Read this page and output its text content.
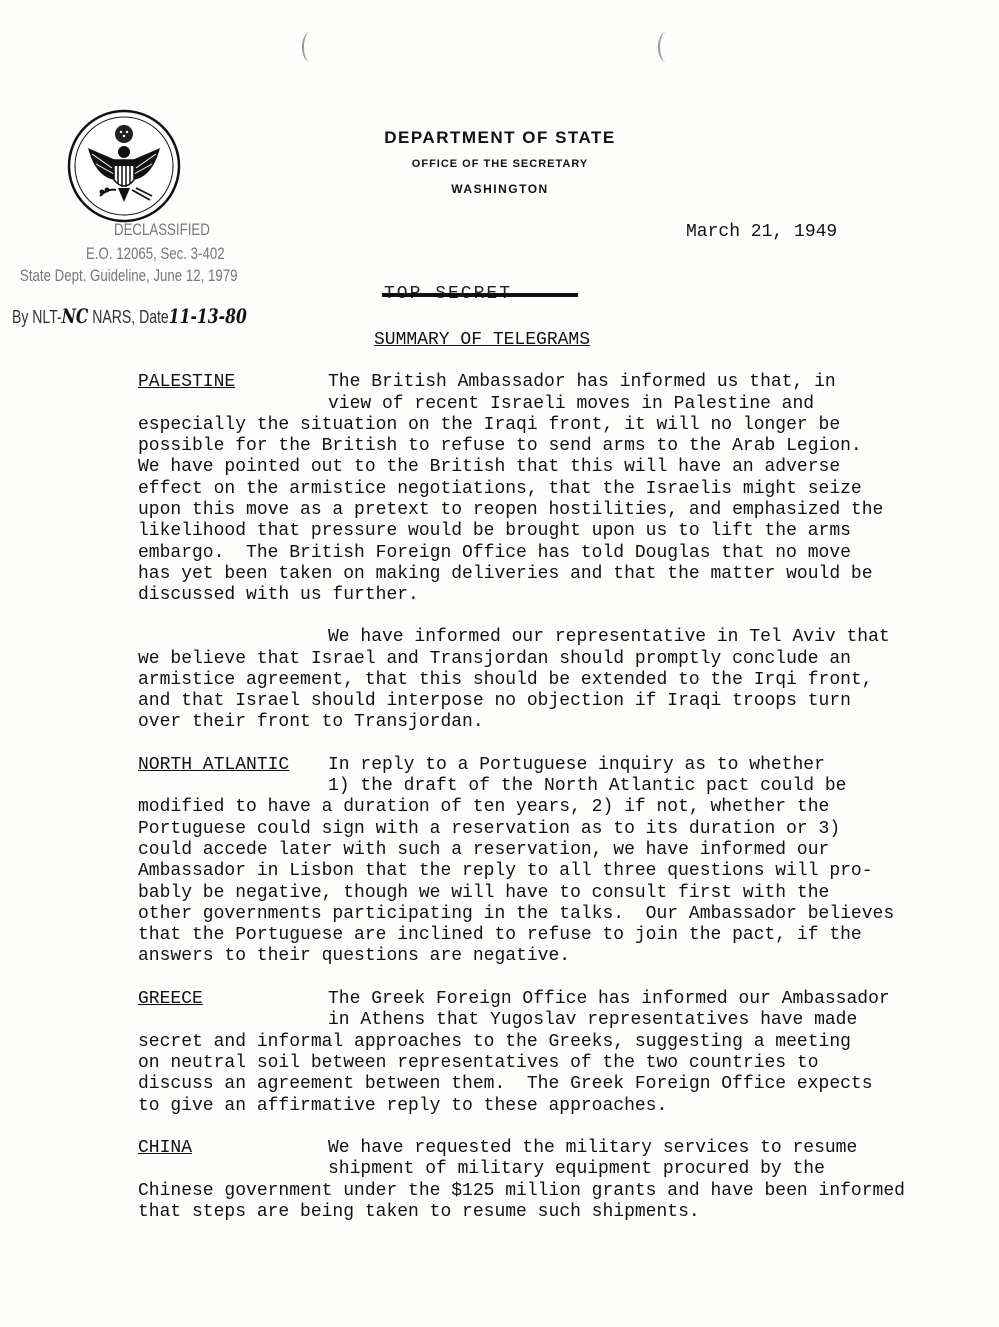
DEPARTMENT OF STATE
OFFICE OF THE SECRETARY
WASHINGTON
March 21, 1949
DECLASSIFIED
E.O. 12065, Sec. 3-402
State Dept. Guideline, June 12, 1979
By NLT-NC NARS, Date11-13-80
SUMMARY OF TELEGRAMS
PALESTINE	The British Ambassador has informed us that, in
view of recent Israeli moves in Palestine and
especially the situation on the Iraqi front, it will no longer be
possible for the British to refuse to send arms to the Arab Legion.
We have pointed out to the British that this will have an adverse
effect on the armistice negotiations, that the Israelis might seize
upon this move as a pretext to reopen hostilities, and emphasized the
likelihood that pressure would be brought upon us to lift the arms
embargo.  The British Foreign Office has told Douglas that no move
has yet been taken on making deliveries and that the matter would be
discussed with us further.
We have informed our representative in Tel Aviv that
we believe that Israel and Transjordan should promptly conclude an
armistice agreement, that this should be extended to the Irqi front,
and that Israel should interpose no objection if Iraqi troops turn
over their front to Transjordan.
NORTH ATLANTIC In reply to a Portuguese inquiry as to whether
1) the draft of the North Atlantic pact could be
modified to have a duration of ten years, 2) if not, whether the
Portuguese could sign with a reservation as to its duration or 3)
could accede later with such a reservation, we have informed our
Ambassador in Lisbon that the reply to all three questions will pro-
bably be negative, though we will have to consult first with the
other governments participating in the talks.  Our Ambassador believes
that the Portuguese are inclined to refuse to join the pact, if the
answers to their questions are negative.
GREECE	The Greek Foreign Office has informed our Ambassador
in Athens that Yugoslav representatives have made
secret and informal approaches to the Greeks, suggesting a meeting
on neutral soil between representatives of the two countries to
discuss an agreement between them.  The Greek Foreign Office expects
to give an affirmative reply to these approaches.
CHINA	We have requested the military services to resume
shipment of military equipment procured by the
Chinese government under the $125 million grants and have been informed
that steps are being taken to resume such shipments.
